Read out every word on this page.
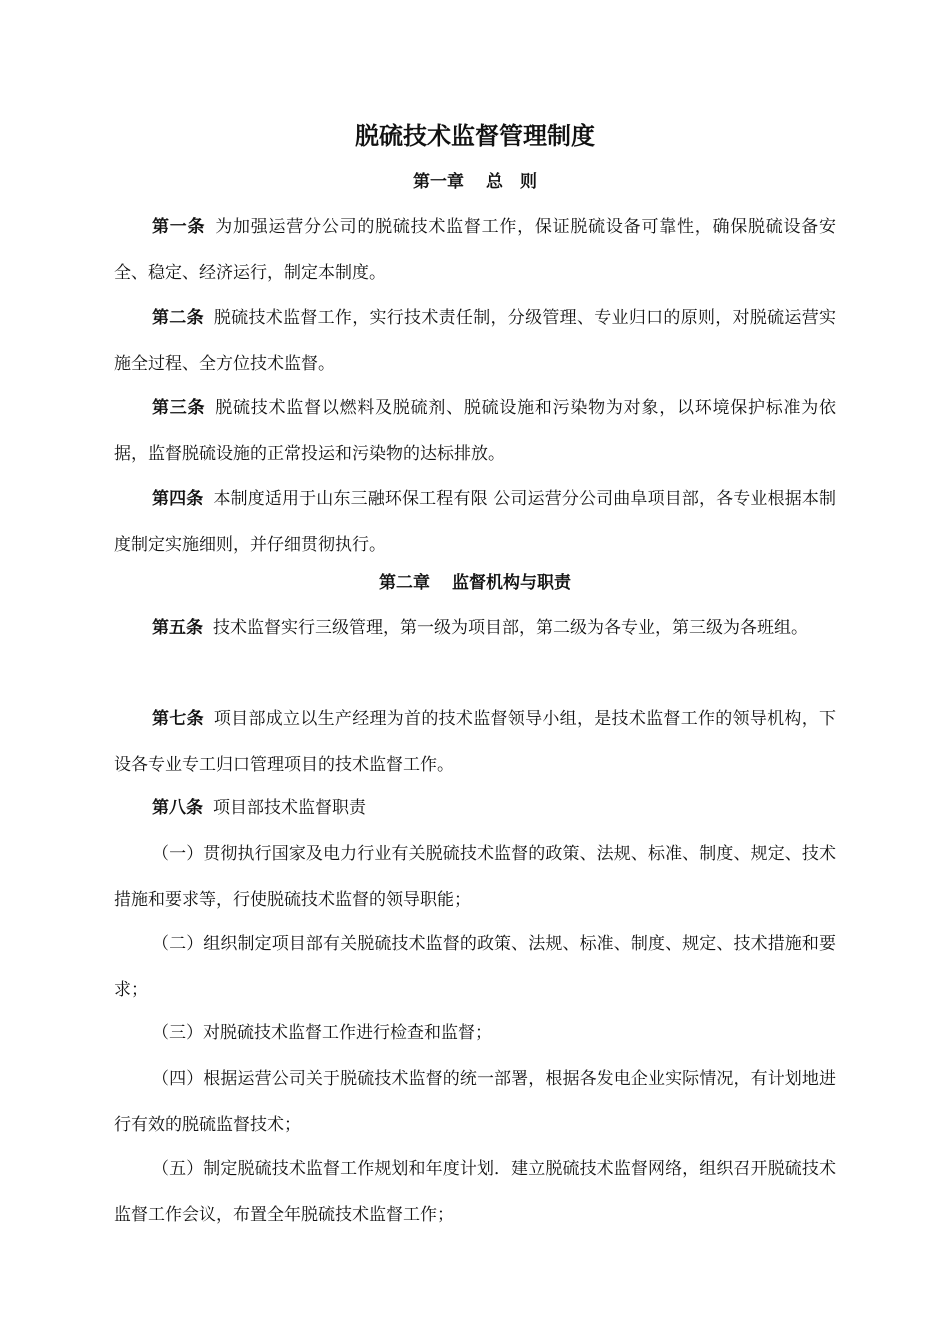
脱硫技术监督管理制度
第一章 总　则

第一条 为加强运营分公司的脱硫技术监督工作，保证脱硫设备可靠性，确保脱硫设备安全、稳定、经济运行，制定本制度。

第二条 脱硫技术监督工作，实行技术责任制，分级管理、专业归口的原则，对脱硫运营实施全过程、全方位技术监督。

第三条 脱硫技术监督以燃料及脱硫剂、脱硫设施和污染物为对象，以环境保护标准为依据，监督脱硫设施的正常投运和污染物的达标排放。

第四条 本制度适用于山东三融环保工程有限 公司运营分公司曲阜项目部，各专业根据本制度制定实施细则，并仔细贯彻执行。

第二章 监督机构与职责

第五条 技术监督实行三级管理，第一级为项目部，第二级为各专业，第三级为各班组。

第七条 项目部成立以生产经理为首的技术监督领导小组，是技术监督工作的领导机构，下设各专业专工归口管理项目的技术监督工作。

第八条 项目部技术监督职责

（一）贯彻执行国家及电力行业有关脱硫技术监督的政策、法规、标准、制度、规定、技术措施和要求等，行使脱硫技术监督的领导职能；

（二）组织制定项目部有关脱硫技术监督的政策、法规、标准、制度、规定、技术措施和要求；

（三）对脱硫技术监督工作进行检查和监督；

（四）根据运营公司关于脱硫技术监督的统一部署，根据各发电企业实际情况，有计划地进行有效的脱硫监督技术；

（五）制定脱硫技术监督工作规划和年度计划．建立脱硫技术监督网络，组织召开脱硫技术监督工作会议，布置全年脱硫技术监督工作；
